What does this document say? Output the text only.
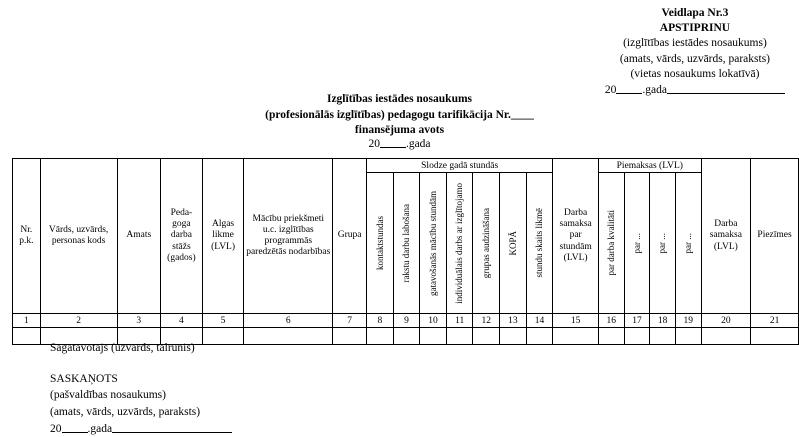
Veidlapa Nr.3
APSTIPRINU
(izglītības iestādes nosaukums)
(amats, vārds, uzvārds, paraksts)
(vietas nosaukums lokatīvā)
20 .gada
Izglītības iestādes nosaukums
(profesionālās izglītības) pedagogu tarifikācija Nr.____
finansējuma avots
20 .gada
Nr. p.k.	Vārds, uzvārds, personas kods	Amats	Peda-goga darba stāžs (gados)	Algas likme (LVL)	Mācību priekšmeti u.c. izglītības programmās paredzētās nodarbības	Grupa	Slodze gadā stundās							Darba samaksa par stundām (LVL)	Piemaksas (LVL)				Darba samaksa (LVL)	Piezīmes

							kontaktstundas	rakstu darbu labošana	gatavošanās mācību stundām	individuālais darbs ar izglītojamo	grupas audzināšana	KOPĀ	stundu skaits likmē		par darba kvalitāti	par ...	par ...	par ...		

1	2	3	4	5	6	7	8	9	10	11	12	13	14	15	16	17	18	19	20	21

Sagatavotājs (uzvārds, tālrunis)
SASKAŅOTS
(pašvaldības nosaukums)
(amats, vārds, uzvārds, paraksts)
20 .gada
